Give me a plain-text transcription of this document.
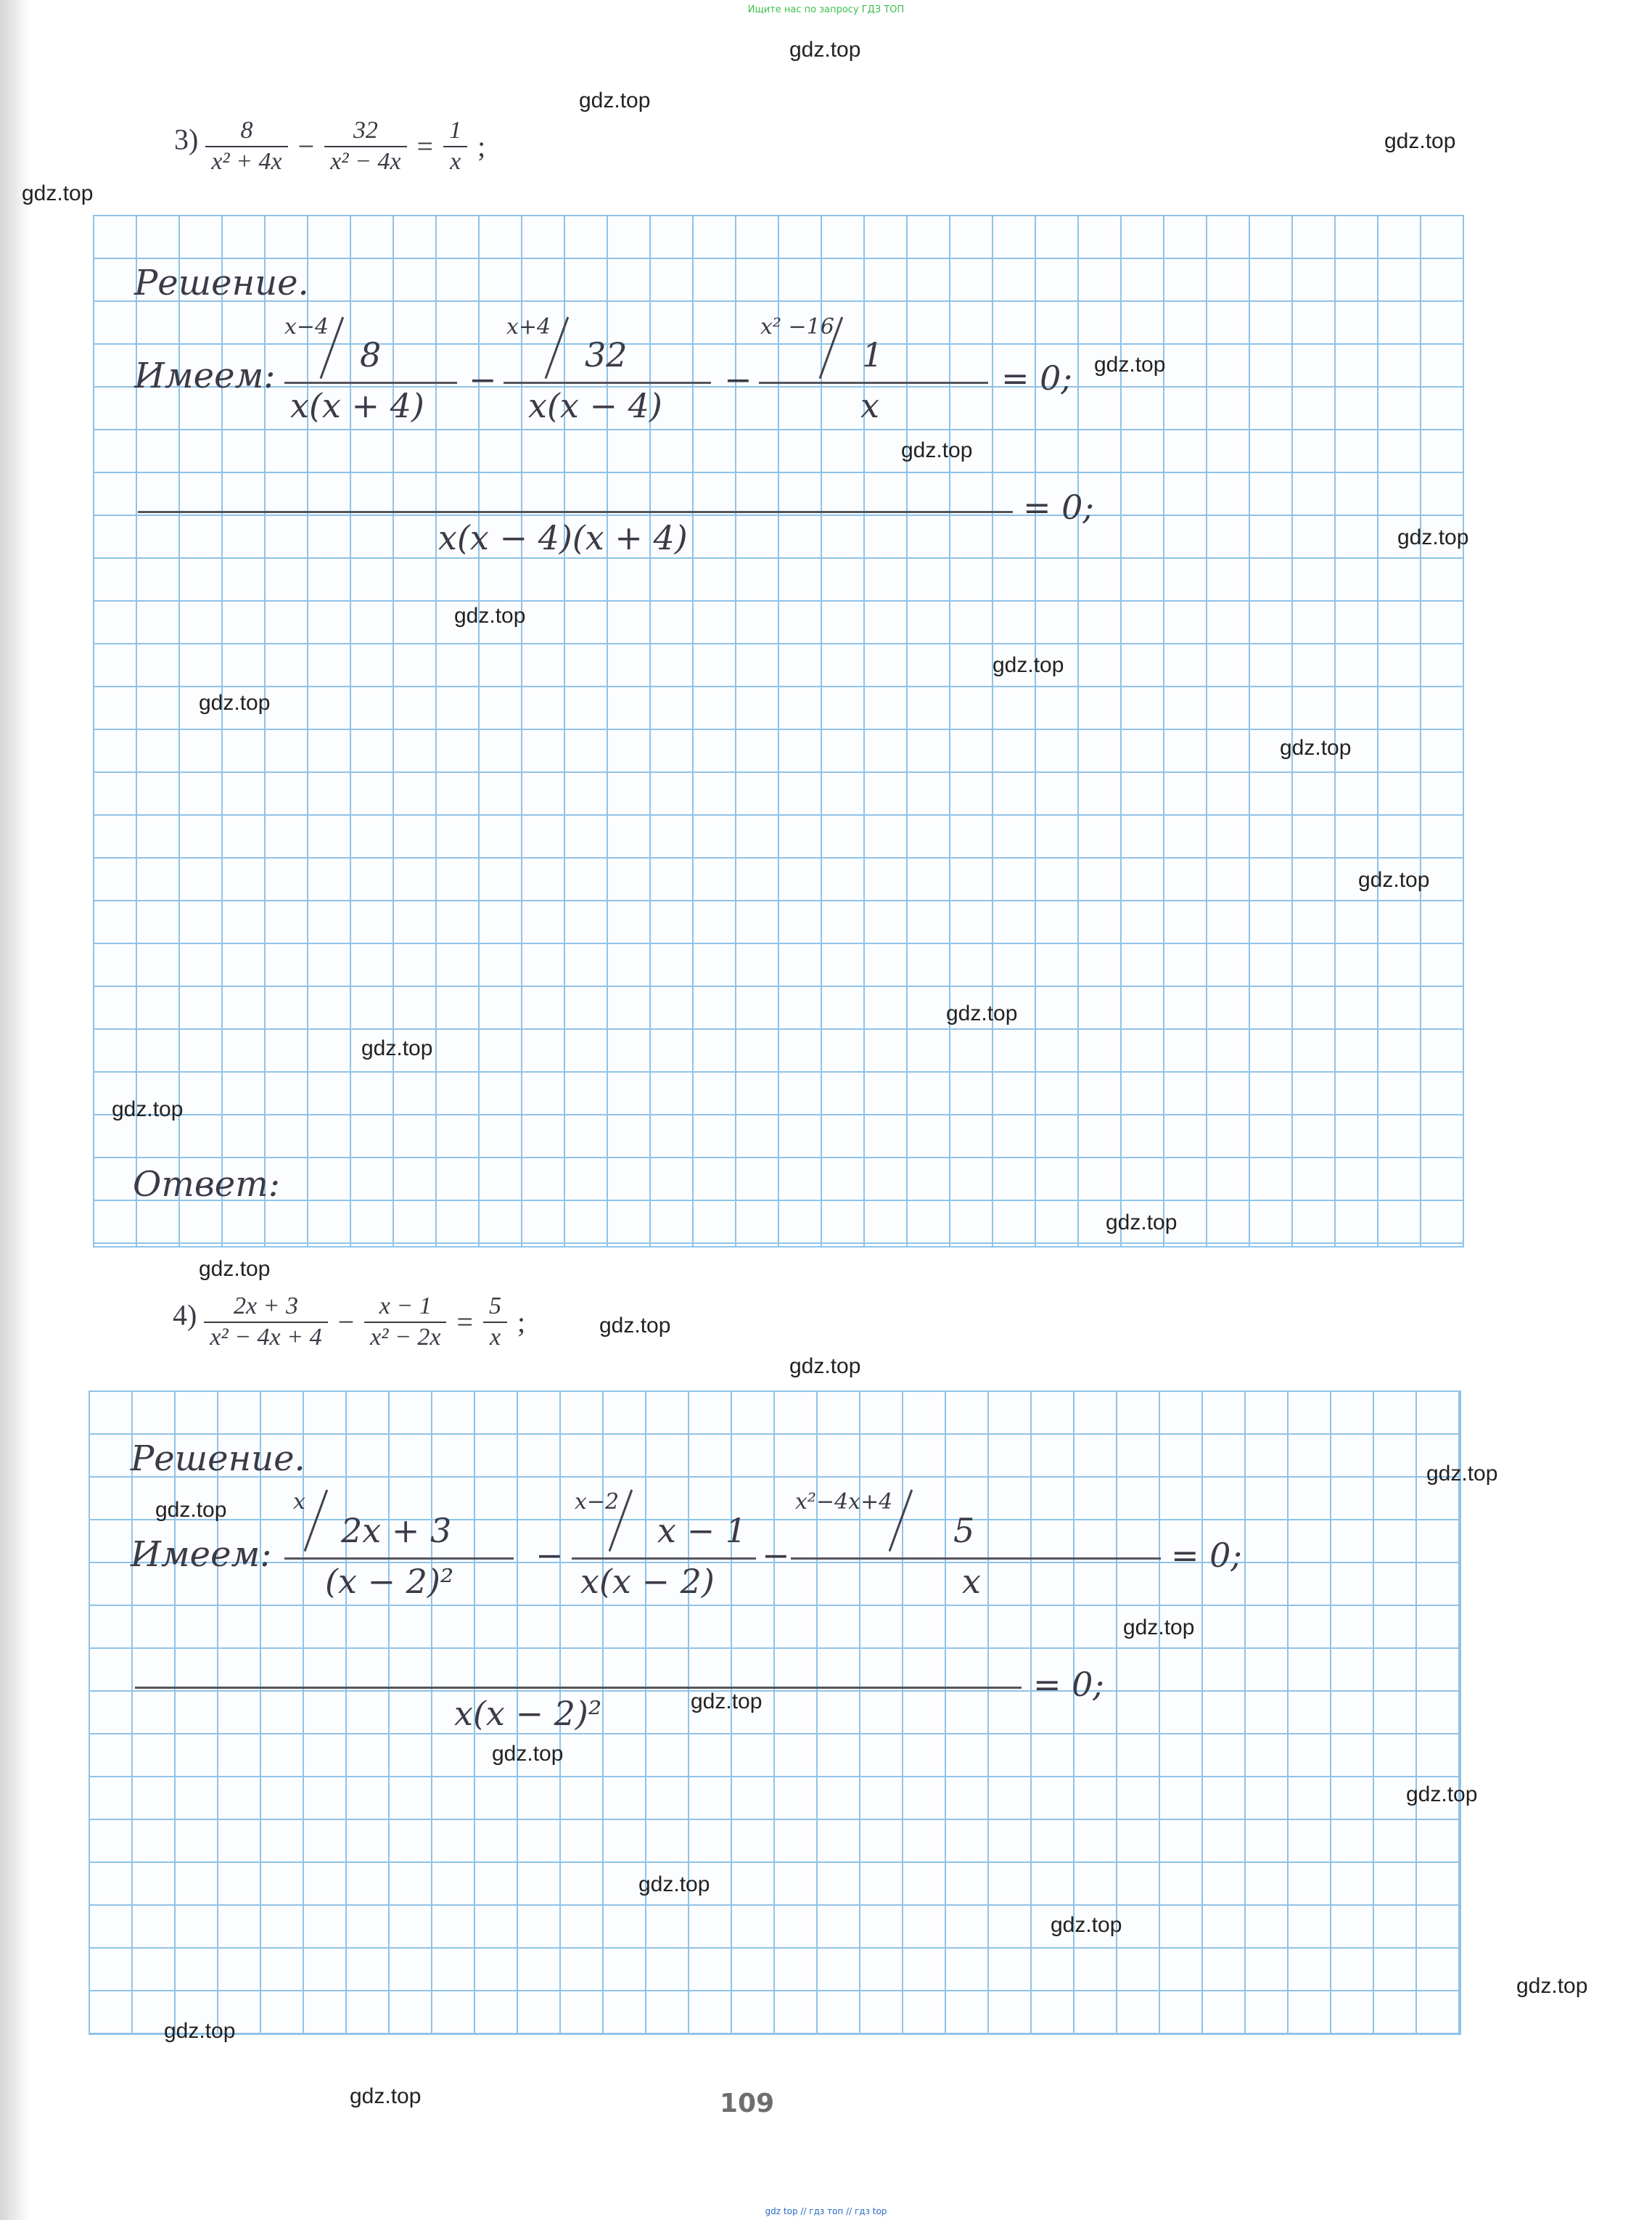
Ищите нас по запросу ГДЗ ТОП
$3) \frac{8}{\text{x² + 4x}} - \frac{32}{\text{x² − 4x}} = \frac{1}{x}$ ;
Решение.
Имеем:
x−4
8
x(x + 4)
−
x+4
32
x(x − 4)
−
x² −16
1
x
= 0;
= 0;
x(x − 4)(x + 4)
Ответ:
$4) \frac{2x + 3}{\text{x² − 4x + 4}} - \frac{x - 1}{\text{x² − 2x}} = \frac{5}{x}$ ;
Решение.
Имеем:
x
2x + 3
(x − 2)²
−
x−2
x − 1
x(x − 2)
−
x²−4x+4
5
x
= 0;
= 0;
x(x − 2)²
109
gdz.top
gdz.top
gdz.top
gdz.top
gdz.top
gdz.top
gdz.top
gdz.top
gdz.top
gdz.top
gdz.top
gdz.top
gdz.top
gdz.top
gdz.top
gdz.top
gdz.top
gdz.top
gdz.top
gdz.top
gdz.top
gdz.top
gdz.top
gdz.top
gdz.top
gdz.top
gdz.top
gdz.top
gdz.top
gdz.top
gdz top // гдз топ // гдз top
